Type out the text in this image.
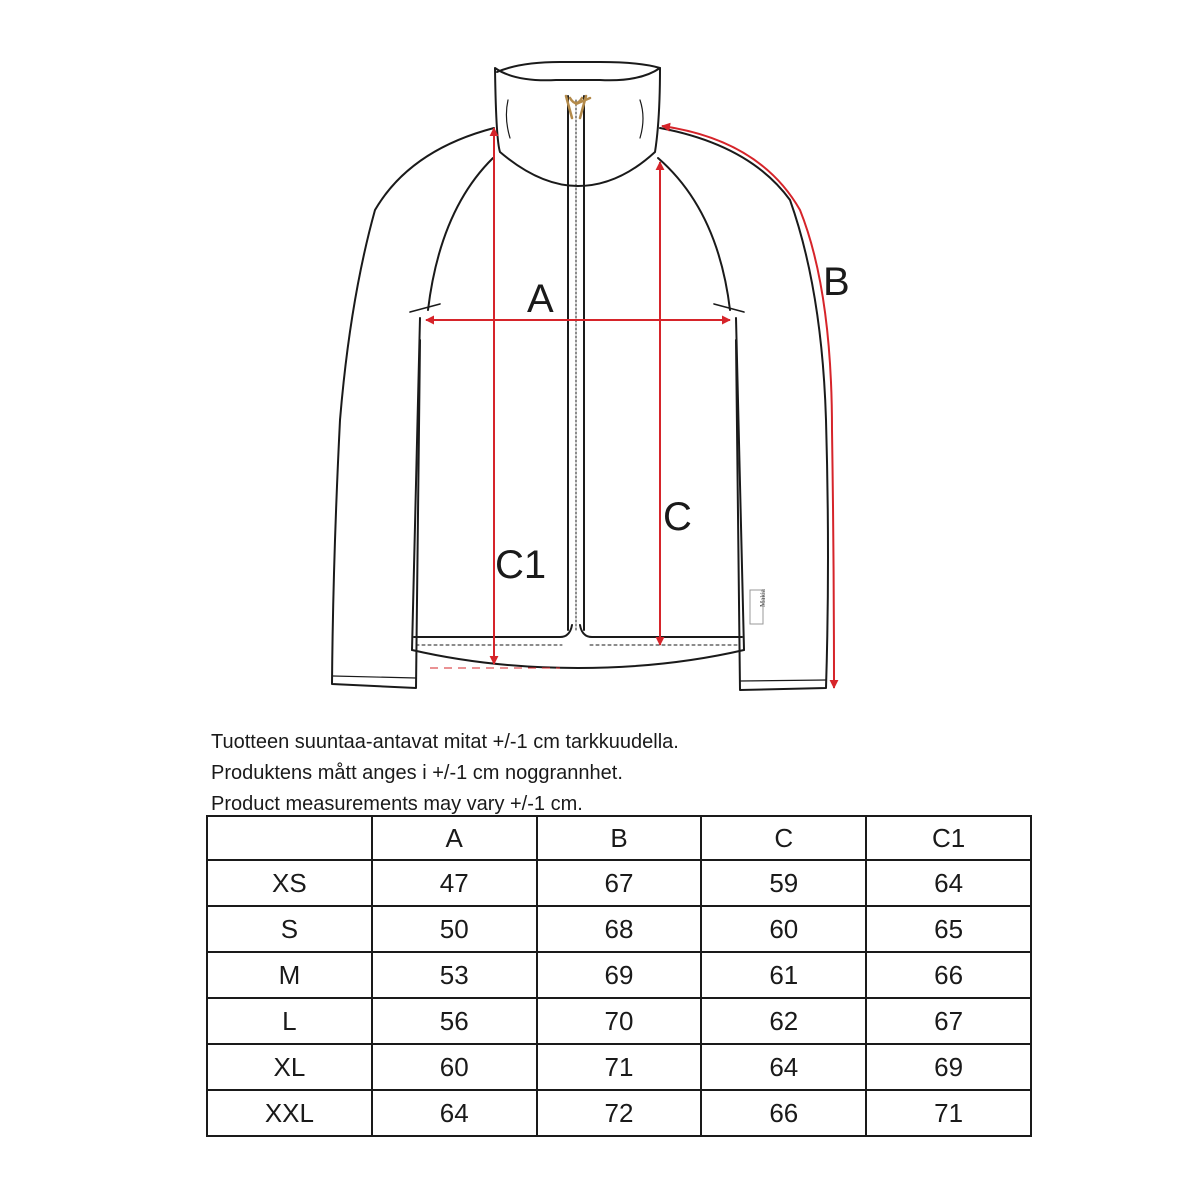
Makia
A	B
C
C1
Tuotteen suuntaa-antavat mitat +/-1 cm tarkkuudella.
Produktens mått anges i +/-1 cm noggrannhet.
Product measurements may vary +/-1 cm.
	A	B	C	C1
XS	47	67	59	64
S	50	68	60	65
M	53	69	61	66
L	56	70	62	67
XL	60	71	64	69
XXL	64	72	66	71
